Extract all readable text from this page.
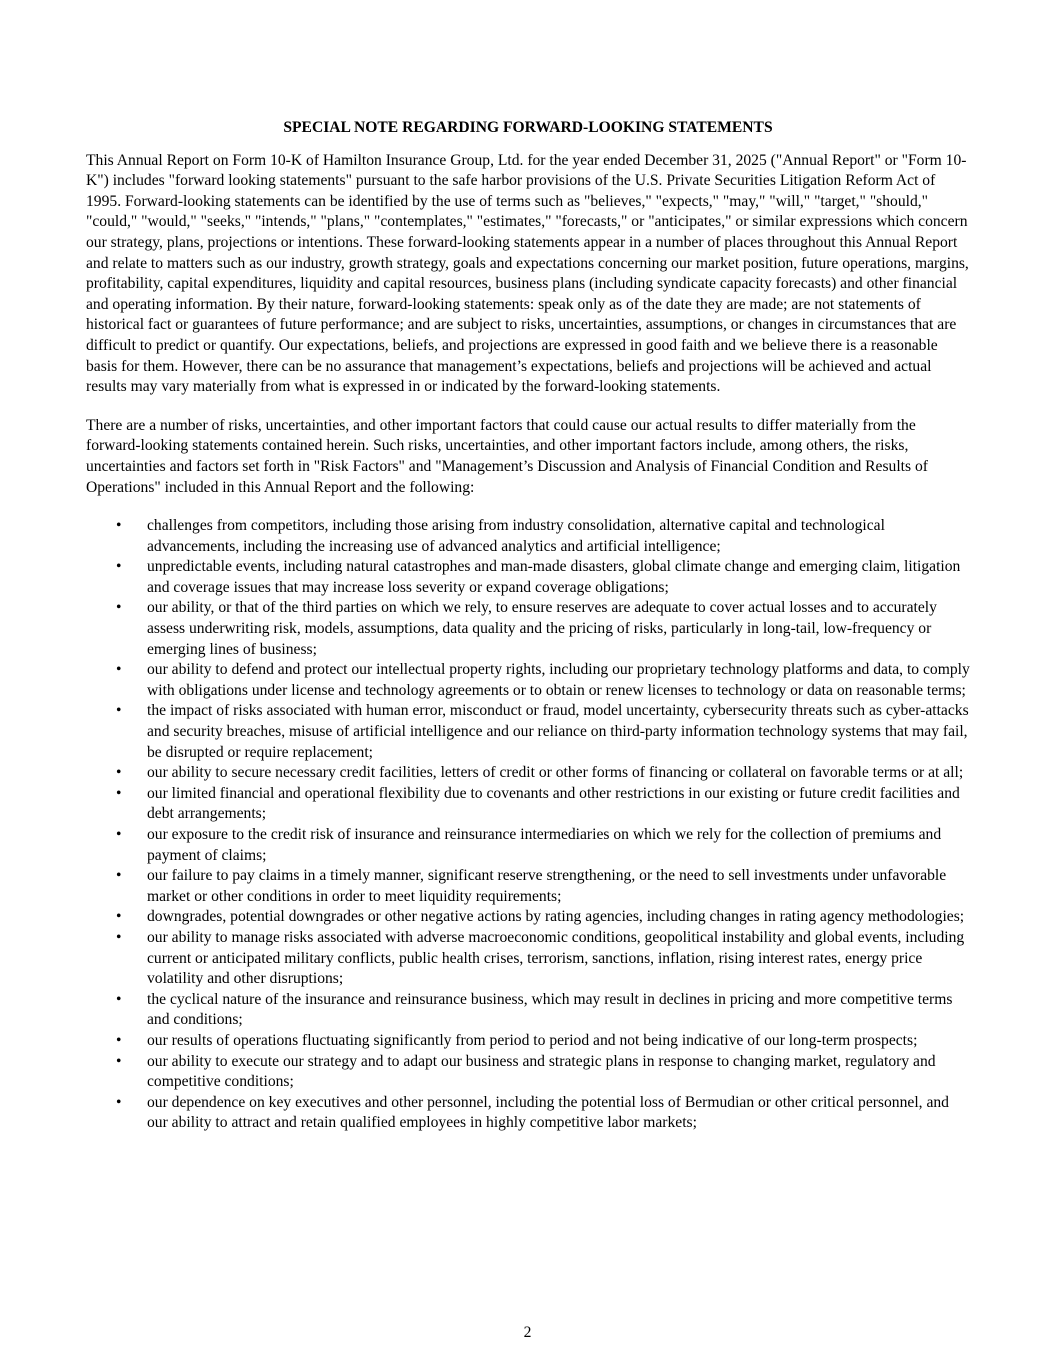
SPECIAL NOTE REGARDING FORWARD-LOOKING STATEMENTS

This Annual Report on Form 10-K of Hamilton Insurance Group, Ltd. for the year ended December 31, 2025 ("Annual Report" or "Form 10-K") includes "forward looking statements" pursuant to the safe harbor provisions of the U.S. Private Securities Litigation Reform Act of 1995. Forward-looking statements can be identified by the use of terms such as "believes," "expects," "may," "will," "target," "should," "could," "would," "seeks," "intends," "plans," "contemplates," "estimates," "forecasts," or "anticipates," or similar expressions which concern our strategy, plans, projections or intentions. These forward-looking statements appear in a number of places throughout this Annual Report and relate to matters such as our industry, growth strategy, goals and expectations concerning our market position, future operations, margins, profitability, capital expenditures, liquidity and capital resources, business plans (including syndicate capacity forecasts) and other financial and operating information. By their nature, forward-looking statements: speak only as of the date they are made; are not statements of historical fact or guarantees of future performance; and are subject to risks, uncertainties, assumptions, or changes in circumstances that are difficult to predict or quantify. Our expectations, beliefs, and projections are expressed in good faith and we believe there is a reasonable basis for them. However, there can be no assurance that management’s expectations, beliefs and projections will be achieved and actual results may vary materially from what is expressed in or indicated by the forward-looking statements.

There are a number of risks, uncertainties, and other important factors that could cause our actual results to differ materially from the forward-looking statements contained herein. Such risks, uncertainties, and other important factors include, among others, the risks, uncertainties and factors set forth in "Risk Factors" and "Management’s Discussion and Analysis of Financial Condition and Results of Operations" included in this Annual Report and the following:

• challenges from competitors, including those arising from industry consolidation, alternative capital and technological advancements, including the increasing use of advanced analytics and artificial intelligence;
• unpredictable events, including natural catastrophes and man-made disasters, global climate change and emerging claim, litigation and coverage issues that may increase loss severity or expand coverage obligations;
• our ability, or that of the third parties on which we rely, to ensure reserves are adequate to cover actual losses and to accurately assess underwriting risk, models, assumptions, data quality and the pricing of risks, particularly in long-tail, low-frequency or emerging lines of business;
• our ability to defend and protect our intellectual property rights, including our proprietary technology platforms and data, to comply with obligations under license and technology agreements or to obtain or renew licenses to technology or data on reasonable terms;
• the impact of risks associated with human error, misconduct or fraud, model uncertainty, cybersecurity threats such as cyber-attacks and security breaches, misuse of artificial intelligence and our reliance on third-party information technology systems that may fail, be disrupted or require replacement;
• our ability to secure necessary credit facilities, letters of credit or other forms of financing or collateral on favorable terms or at all;
• our limited financial and operational flexibility due to covenants and other restrictions in our existing or future credit facilities and debt arrangements;
• our exposure to the credit risk of insurance and reinsurance intermediaries on which we rely for the collection of premiums and payment of claims;
• our failure to pay claims in a timely manner, significant reserve strengthening, or the need to sell investments under unfavorable market or other conditions in order to meet liquidity requirements;
• downgrades, potential downgrades or other negative actions by rating agencies, including changes in rating agency methodologies;
• our ability to manage risks associated with adverse macroeconomic conditions, geopolitical instability and global events, including current or anticipated military conflicts, public health crises, terrorism, sanctions, inflation, rising interest rates, energy price volatility and other disruptions;
• the cyclical nature of the insurance and reinsurance business, which may result in declines in pricing and more competitive terms and conditions;
• our results of operations fluctuating significantly from period to period and not being indicative of our long-term prospects;
• our ability to execute our strategy and to adapt our business and strategic plans in response to changing market, regulatory and competitive conditions;
• our dependence on key executives and other personnel, including the potential loss of Bermudian or other critical personnel, and our ability to attract and retain qualified employees in highly competitive labor markets;
2
